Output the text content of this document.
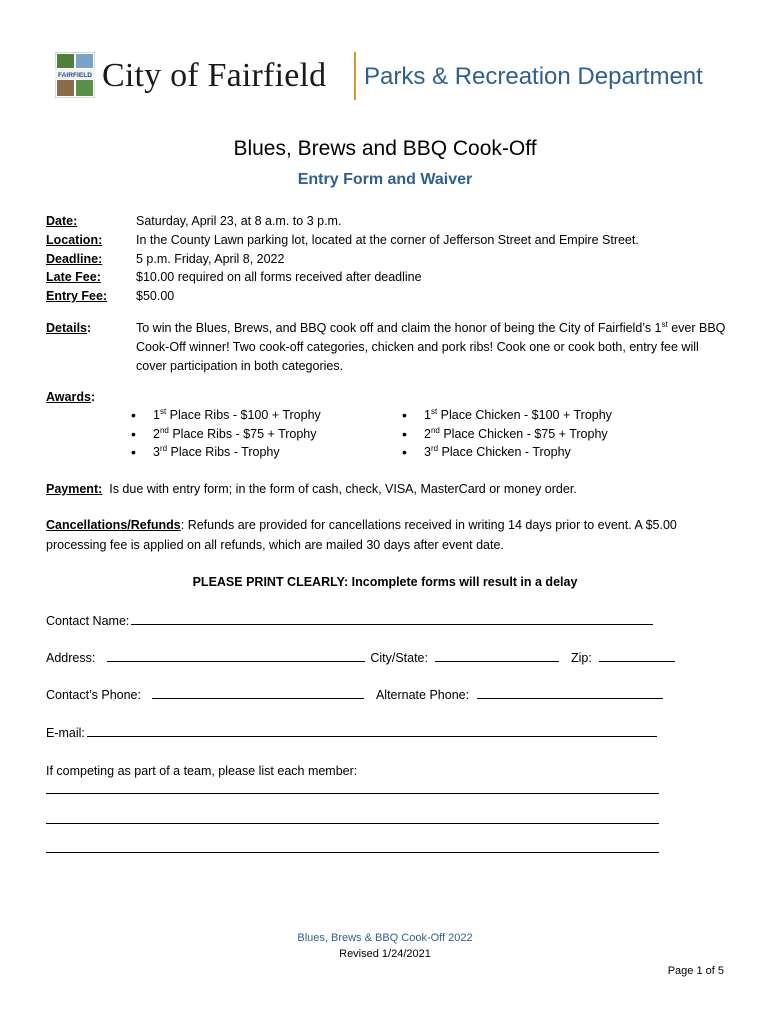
FAIRFIELD City of Fairfield Parks & Recreation Department
Blues, Brews and BBQ Cook-Off
Entry Form and Waiver
Date:	Saturday, April 23, at 8 a.m. to 3 p.m.
Location:	In the County Lawn parking lot, located at the corner of Jefferson Street and Empire Street.
Deadline:	5 p.m. Friday, April 8, 2022
Late Fee:	$10.00 required on all forms received after deadline
Entry Fee: $50.00
Details:	To win the Blues, Brews, and BBQ cook off and claim the honor of being the City of Fairfield’s 1st ever BBQ Cook-Off winner! Two cook-off categories, chicken and pork ribs! Cook one or cook both, entry fee will cover participation in both categories.
Awards:
• 1st Place Ribs - $100 + Trophy
• 2nd Place Ribs - $75 + Trophy
• 3rd Place Ribs - Trophy
• 1st Place Chicken - $100 + Trophy
• 2nd Place Chicken - $75 + Trophy
• 3rd Place Chicken - Trophy
Payment:  Is due with entry form; in the form of cash, check, VISA, MasterCard or money order.
Cancellations/Refunds: Refunds are provided for cancellations received in writing 14 days prior to event. A $5.00 processing fee is applied on all refunds, which are mailed 30 days after event date.
PLEASE PRINT CLEARLY: Incomplete forms will result in a delay
Contact Name:
Address:	City/State:	Zip:
Contact’s Phone:	Alternate Phone:
E-mail:
If competing as part of a team, please list each member:
Blues, Brews & BBQ Cook-Off 2022
Revised 1/24/2021
Page 1 of 5
